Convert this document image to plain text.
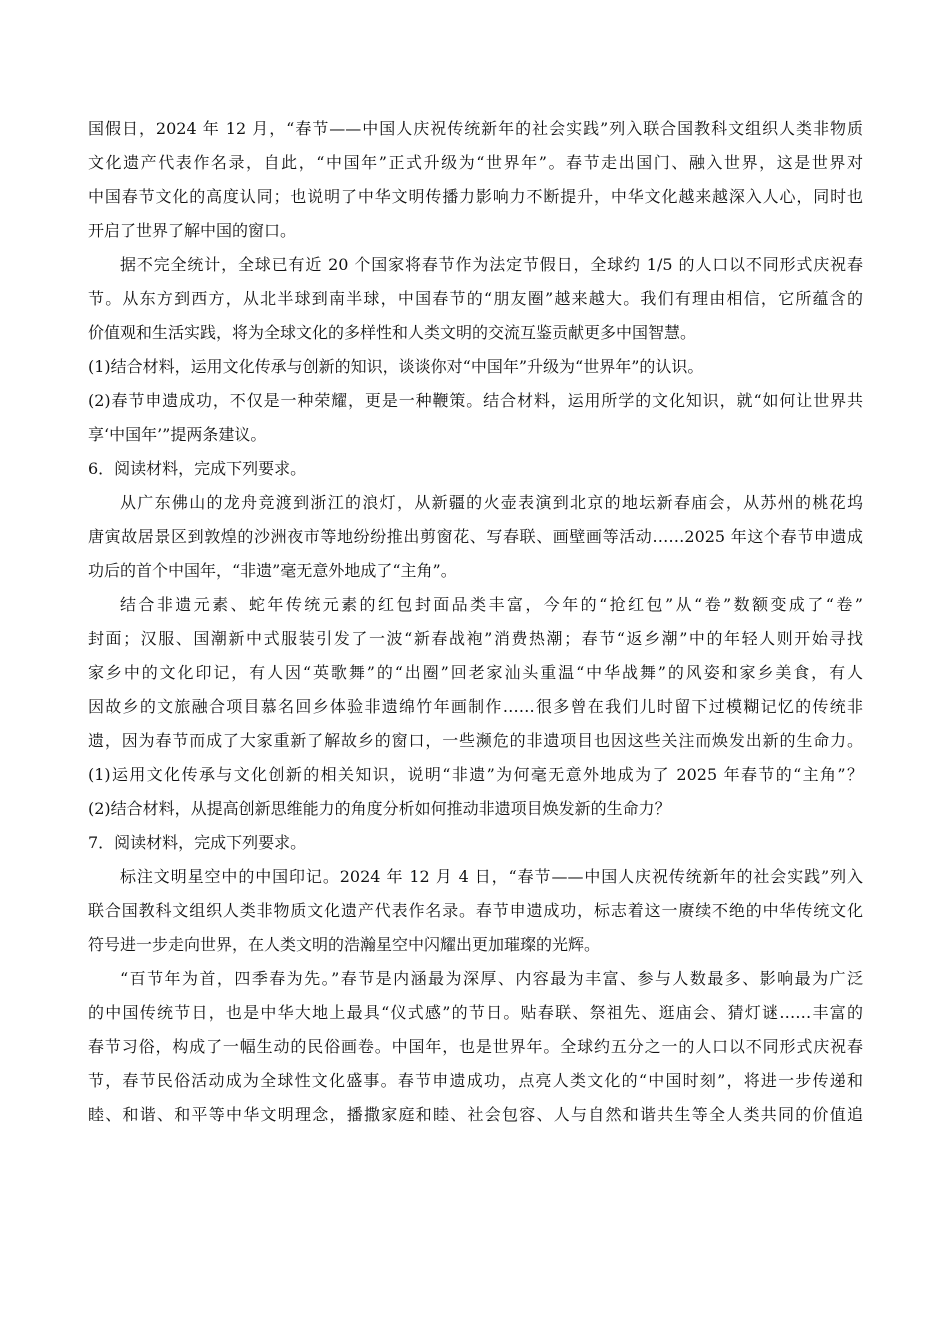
国假日，2024 年 12 月，“春节——中国人庆祝传统新年的社会实践”列入联合国教科文组织人类非物质
文化遗产代表作名录，自此，“中国年”正式升级为“世界年”。春节走出国门、融入世界，这是世界对
中国春节文化的高度认同；也说明了中华文明传播力影响力不断提升，中华文化越来越深入人心，同时也
开启了世界了解中国的窗口。
据不完全统计，全球已有近 20 个国家将春节作为法定节假日，全球约 1/5 的人口以不同形式庆祝春
节。从东方到西方，从北半球到南半球，中国春节的“朋友圈”越来越大。我们有理由相信，它所蕴含的
价值观和生活实践，将为全球文化的多样性和人类文明的交流互鉴贡献更多中国智慧。
(1)结合材料，运用文化传承与创新的知识，谈谈你对“中国年”升级为“世界年”的认识。
(2)春节申遗成功，不仅是一种荣耀，更是一种鞭策。结合材料，运用所学的文化知识，就“如何让世界共
享‘中国年’”提两条建议。
6．阅读材料，完成下列要求。
从广东佛山的龙舟竞渡到浙江的浪灯，从新疆的火壶表演到北京的地坛新春庙会，从苏州的桃花坞
唐寅故居景区到敦煌的沙洲夜市等地纷纷推出剪窗花、写春联、画壁画等活动……2025 年这个春节申遗成
功后的首个中国年，“非遗”毫无意外地成了“主角”。
结合非遗元素、蛇年传统元素的红包封面品类丰富，今年的“抢红包”从“卷”数额变成了“卷”
封面；汉服、国潮新中式服装引发了一波“新春战袍”消费热潮；春节“返乡潮”中的年轻人则开始寻找
家乡中的文化印记，有人因“英歌舞”的“出圈”回老家汕头重温“中华战舞”的风姿和家乡美食，有人
因故乡的文旅融合项目慕名回乡体验非遗绵竹年画制作……很多曾在我们儿时留下过模糊记忆的传统非
遗，因为春节而成了大家重新了解故乡的窗口，一些濒危的非遗项目也因这些关注而焕发出新的生命力。
(1)运用文化传承与文化创新的相关知识，说明“非遗”为何毫无意外地成为了 2025 年春节的“主角”？
(2)结合材料，从提高创新思维能力的角度分析如何推动非遗项目焕发新的生命力？
7．阅读材料，完成下列要求。
标注文明星空中的中国印记。2024 年 12 月 4 日，“春节——中国人庆祝传统新年的社会实践”列入
联合国教科文组织人类非物质文化遗产代表作名录。春节申遗成功，标志着这一赓续不绝的中华传统文化
符号进一步走向世界，在人类文明的浩瀚星空中闪耀出更加璀璨的光辉。
“百节年为首，四季春为先。”春节是内涵最为深厚、内容最为丰富、参与人数最多、影响最为广泛
的中国传统节日，也是中华大地上最具“仪式感”的节日。贴春联、祭祖先、逛庙会、猜灯谜……丰富的
春节习俗，构成了一幅生动的民俗画卷。中国年，也是世界年。全球约五分之一的人口以不同形式庆祝春
节，春节民俗活动成为全球性文化盛事。春节申遗成功，点亮人类文化的“中国时刻”，将进一步传递和
睦、和谐、和平等中华文明理念，播撒家庭和睦、社会包容、人与自然和谐共生等全人类共同的价值追
